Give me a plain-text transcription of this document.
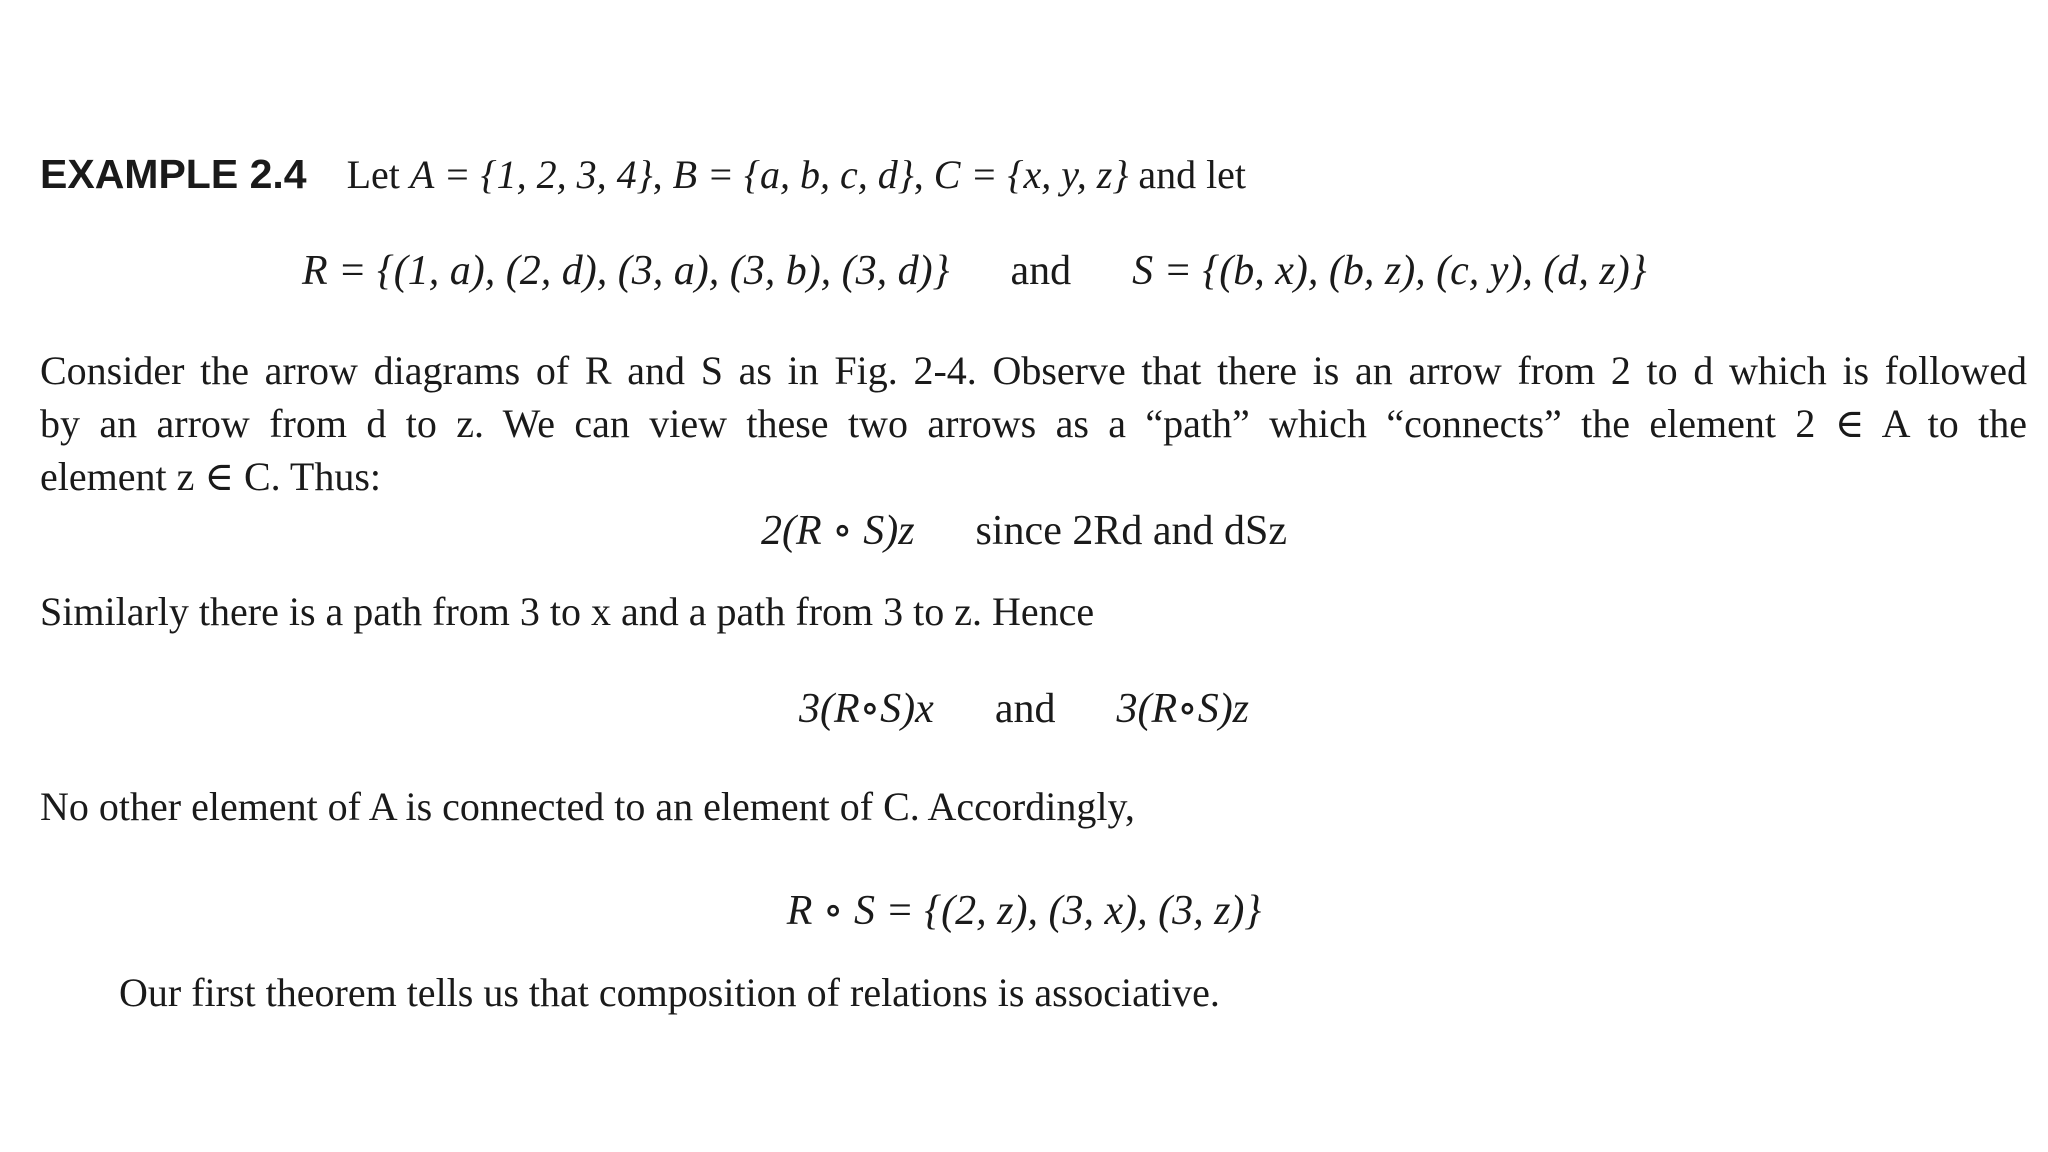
EXAMPLE 2.4 Let A = {1, 2, 3, 4}, B = {a, b, c, d}, C = {x, y, z} and let
R = {(1, a), (2, d), (3, a), (3, b), (3, d)} and S = {(b, x), (b, z), (c, y), (d, z)}
Consider the arrow diagrams of R and S as in Fig. 2-4. Observe that there is an arrow from 2 to d which is followed
by an arrow from d to z. We can view these two arrows as a “path” which “connects” the element 2 ∈ A to the
element z ∈ C. Thus:
2(R ∘ S)z since 2Rd and dSz
Similarly there is a path from 3 to x and a path from 3 to z. Hence
3(R∘S)x and 3(R∘S)z
No other element of A is connected to an element of C. Accordingly,
R ∘ S = {(2, z), (3, x), (3, z)}
Our first theorem tells us that composition of relations is associative.
